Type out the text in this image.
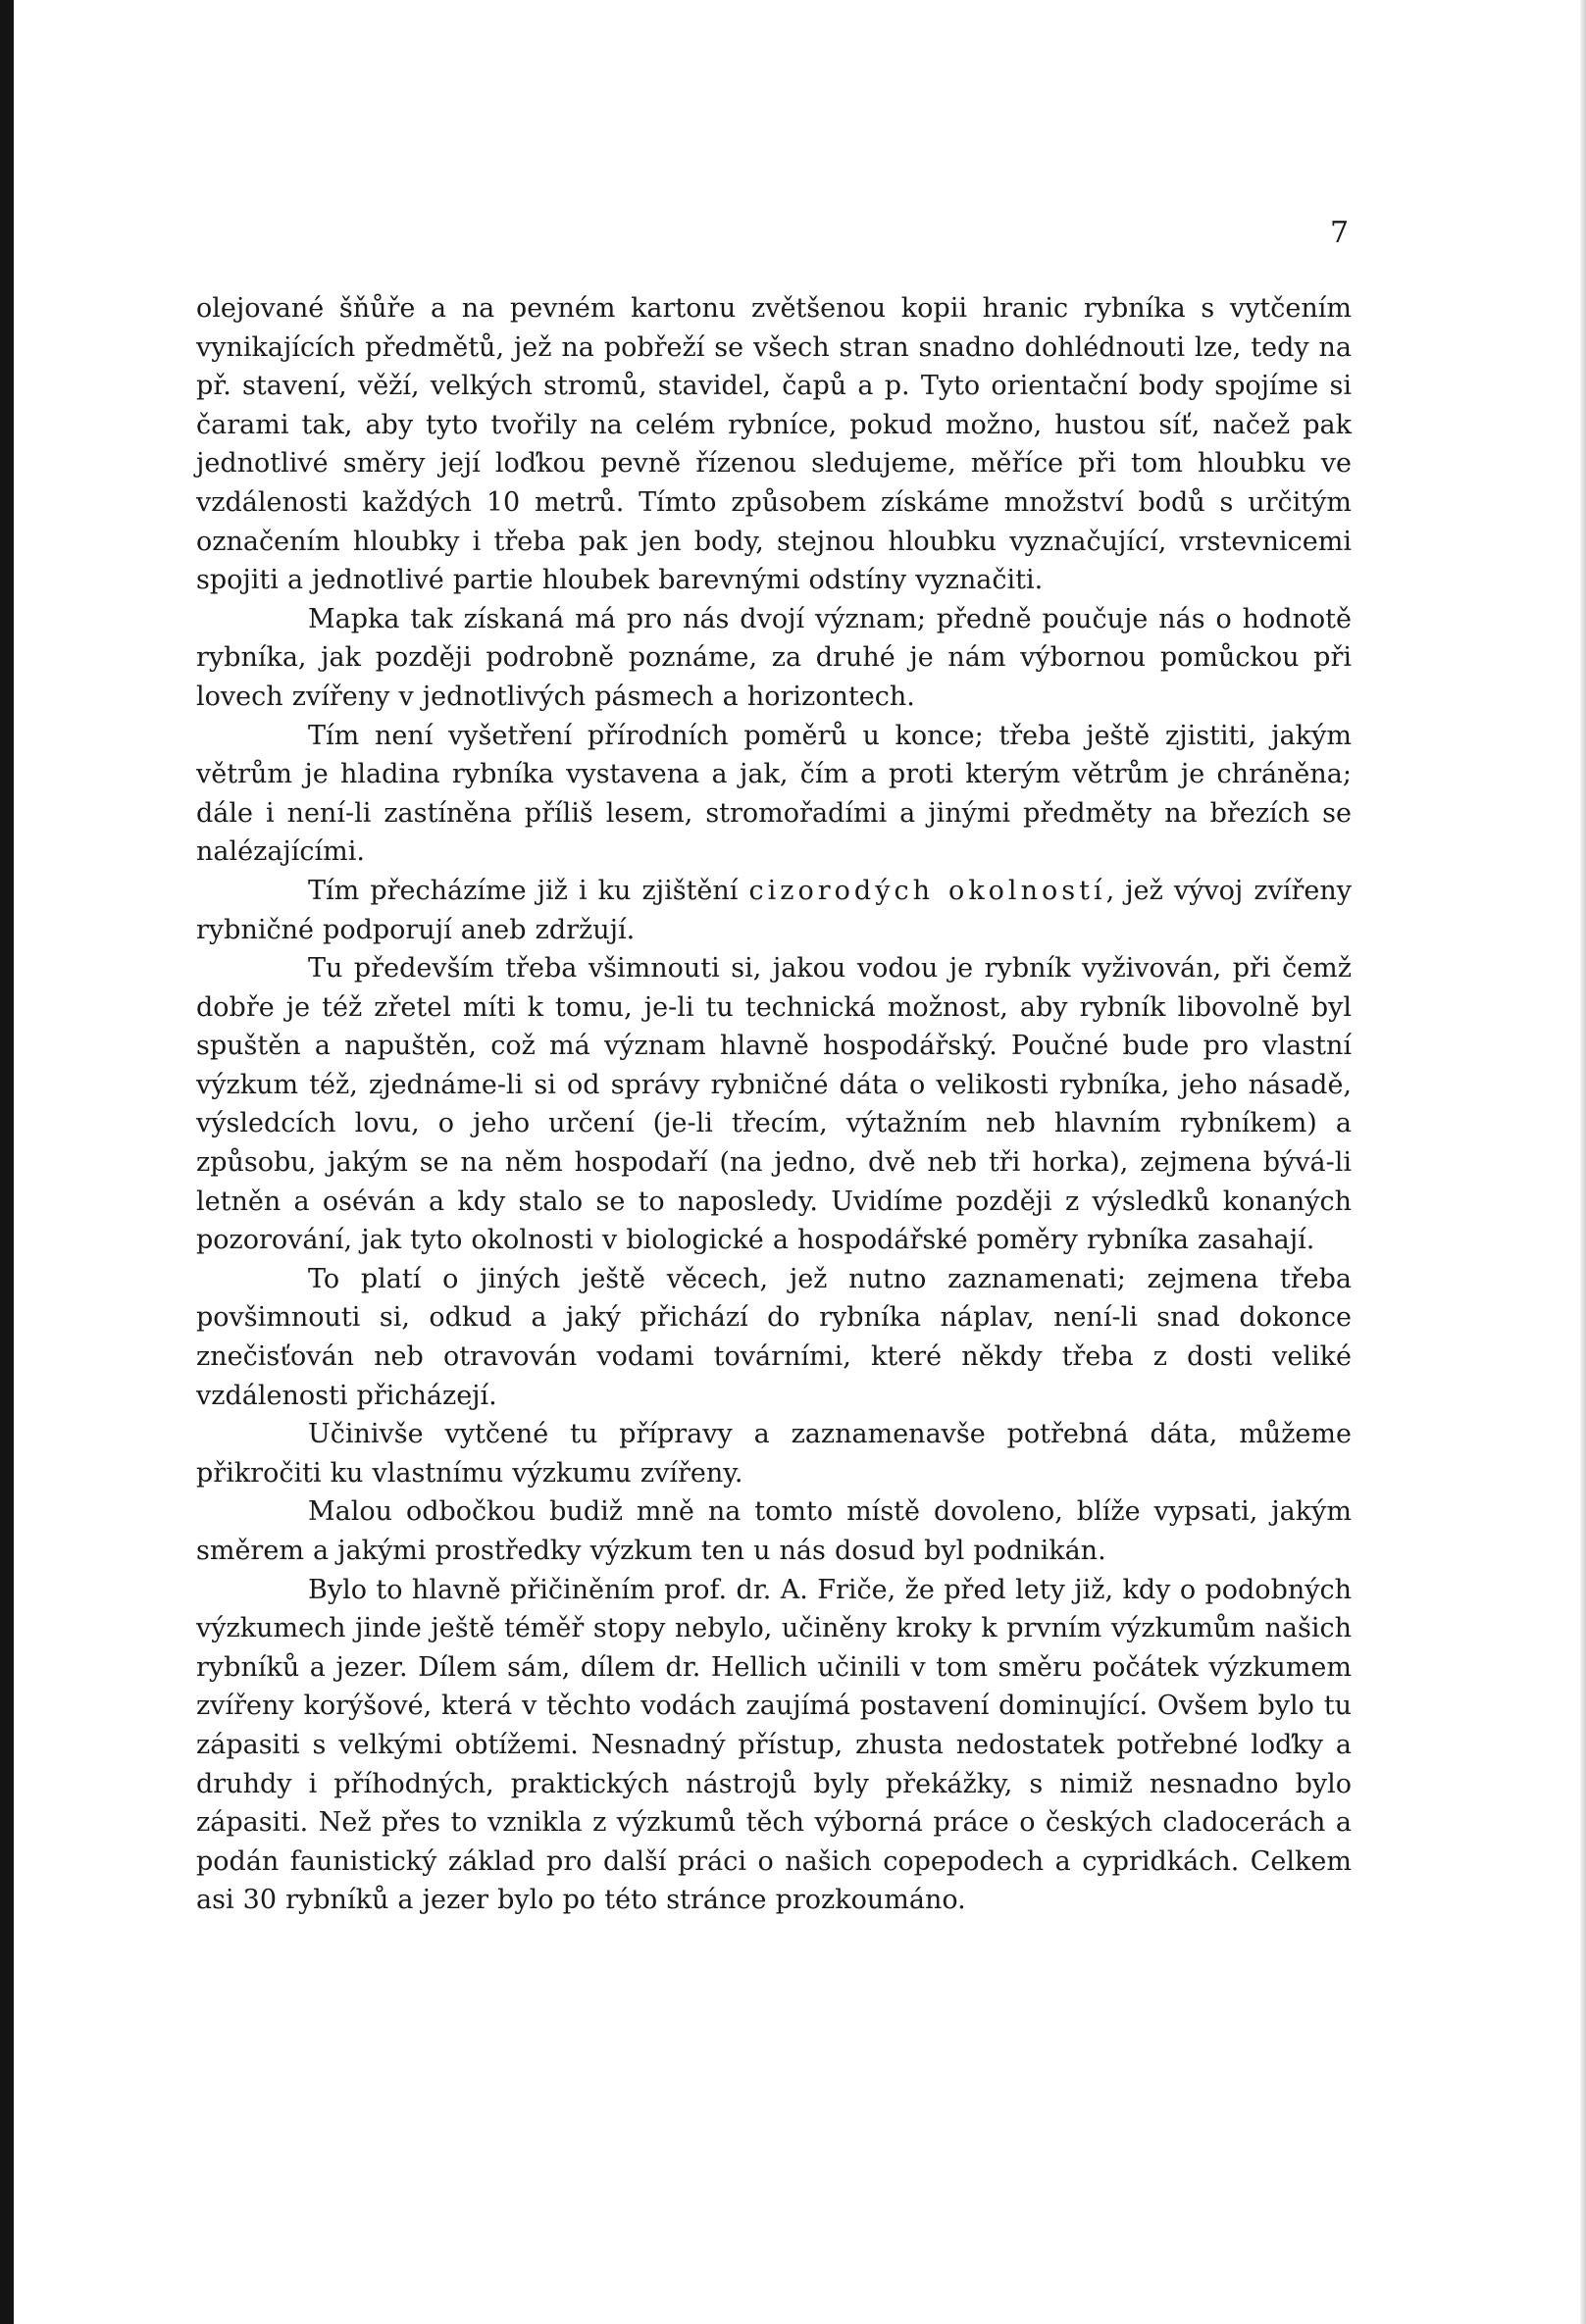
7

olejované šňůře a na pevném kartonu zvětšenou kopii hranic rybníka s vytčením vynikajících předmětů, jež na pobřeží se všech stran snadno dohlédnouti lze, tedy na př. stavení, věží, velkých stromů, stavidel, čapů a p. Tyto orientační body spojíme si čarami tak, aby tyto tvořily na celém rybníce, pokud možno, hustou síť, načež pak jednotlivé směry její loďkou pevně řízenou sledujeme, měříce při tom hloubku ve vzdálenosti každých 10 metrů. Tímto způsobem získáme množství bodů s určitým označením hloubky i třeba pak jen body, stejnou hloubku vyznačující, vrstevnicemi spojiti a jednotlivé partie hloubek barevnými odstíny vyznačiti.

Mapka tak získaná má pro nás dvojí význam; předně poučuje nás o hodnotě rybníka, jak později podrobně poznáme, za druhé je nám výbornou pomůckou při lovech zvířeny v jednotlivých pásmech a horizontech.

Tím není vyšetření přírodních poměrů u konce; třeba ještě zjistiti, jakým větrům je hladina rybníka vystavena a jak, čím a proti kterým větrům je chráněna; dále i není-li zastíněna příliš lesem, stromořadími a jinými předměty na březích se nalézajícími.

Tím přecházíme již i ku zjištění cizorodých okolností, jež vývoj zvířeny rybničné podporují aneb zdržují.

Tu především třeba všimnouti si, jakou vodou je rybník vyživován, při čemž dobře je též zřetel míti k tomu, je-li tu technická možnost, aby rybník libovolně byl spuštěn a napuštěn, což má význam hlavně hospodářský. Poučné bude pro vlastní výzkum též, zjednáme-li si od správy rybničné dáta o velikosti rybníka, jeho násadě, výsledcích lovu, o jeho určení (je-li třecím, výtažním neb hlavním rybníkem) a způsobu, jakým se na něm hospodaří (na jedno, dvě neb tři horka), zejmena bývá-li letněn a oséván a kdy stalo se to naposledy. Uvidíme později z výsledků konaných pozorování, jak tyto okolnosti v biologické a hospodářské poměry rybníka zasahají.

To platí o jiných ještě věcech, jež nutno zaznamenati; zejmena třeba povšimnouti si, odkud a jaký přichází do rybníka náplav, není-li snad dokonce znečisťován neb otravován vodami továrními, které někdy třeba z dosti veliké vzdálenosti přicházejí.

Učinivše vytčené tu přípravy a zaznamenavše potřebná dáta, můžeme přikročiti ku vlastnímu výzkumu zvířeny.

Malou odbočkou budiž mně na tomto místě dovoleno, blíže vypsati, jakým směrem a jakými prostředky výzkum ten u nás dosud byl podnikán.

Bylo to hlavně přičiněním prof. dr. A. Friče, že před lety již, kdy o podobných výzkumech jinde ještě téměř stopy nebylo, učiněny kroky k prvním výzkumům našich rybníků a jezer. Dílem sám, dílem dr. Hellich učinili v tom směru počátek výzkumem zvířeny korýšové, která v těchto vodách zaujímá postavení dominující. Ovšem bylo tu zápasiti s velkými obtížemi. Nesnadný přístup, zhusta nedostatek potřebné loďky a druhdy i příhodných, praktických nástrojů byly překážky, s nimiž nesnadno bylo zápasiti. Než přes to vznikla z výzkumů těch výborná práce o českých cladocerách a podán faunistický základ pro další práci o našich copepodech a cypridkách. Celkem asi 30 rybníků a jezer bylo po této stránce prozkoumáno.
